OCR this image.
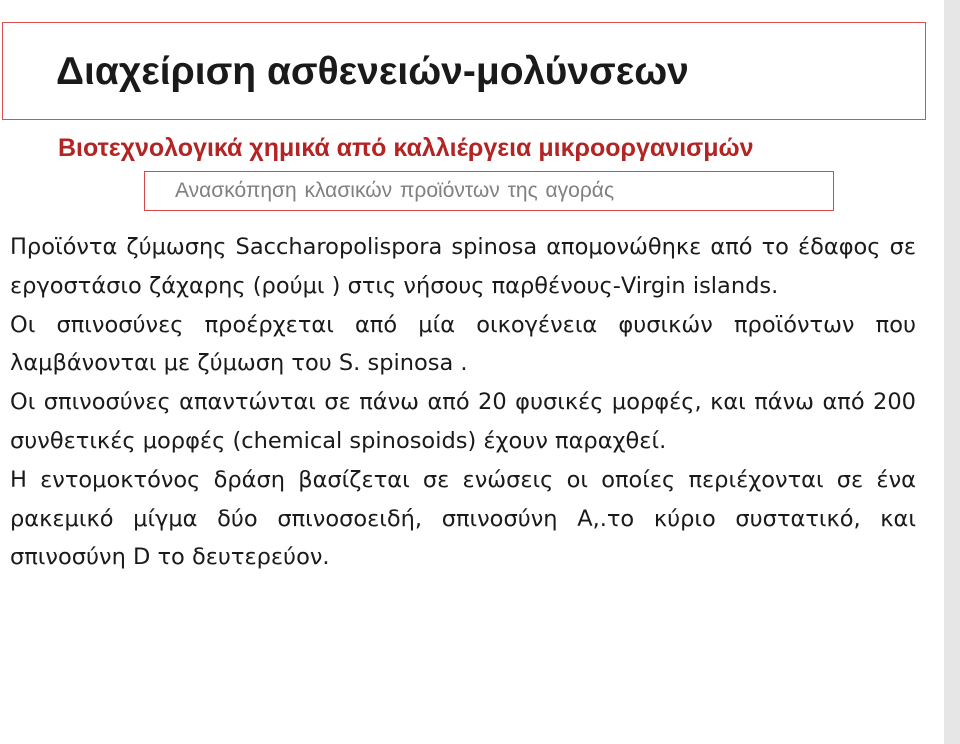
Διαχείριση ασθενειών-μολύνσεων
Βιοτεχνολογικά χημικά από καλλιέργεια μικροοργανισμών
Ανασκόπηση κλασικών προϊόντων της αγοράς

Προϊόντα ζύμωσης Saccharopolispora spinosa απομονώθηκε από το έδαφος σε εργοστάσιο ζάχαρης (ρούμι ) στις νήσους παρθένους-Virgin islands.

Οι σπινοσύνες προέρχεται από μία οικογένεια φυσικών προϊόντων που λαμβάνονται με ζύμωση του S. spinosa .

Οι σπινοσύνες απαντώνται σε πάνω από 20 φυσικές μορφές, και πάνω από 200 συνθετικές μορφές (chemical spinosoids) έχουν παραχθεί.

Η εντομοκτόνος δράση βασίζεται σε ενώσεις οι οποίες περιέχονται σε ένα ρακεμικό μίγμα δύο σπινοσοειδή, σπινοσύνη Α,.το κύριο συστατικό, και σπινοσύνη D το δευτερεύον.
